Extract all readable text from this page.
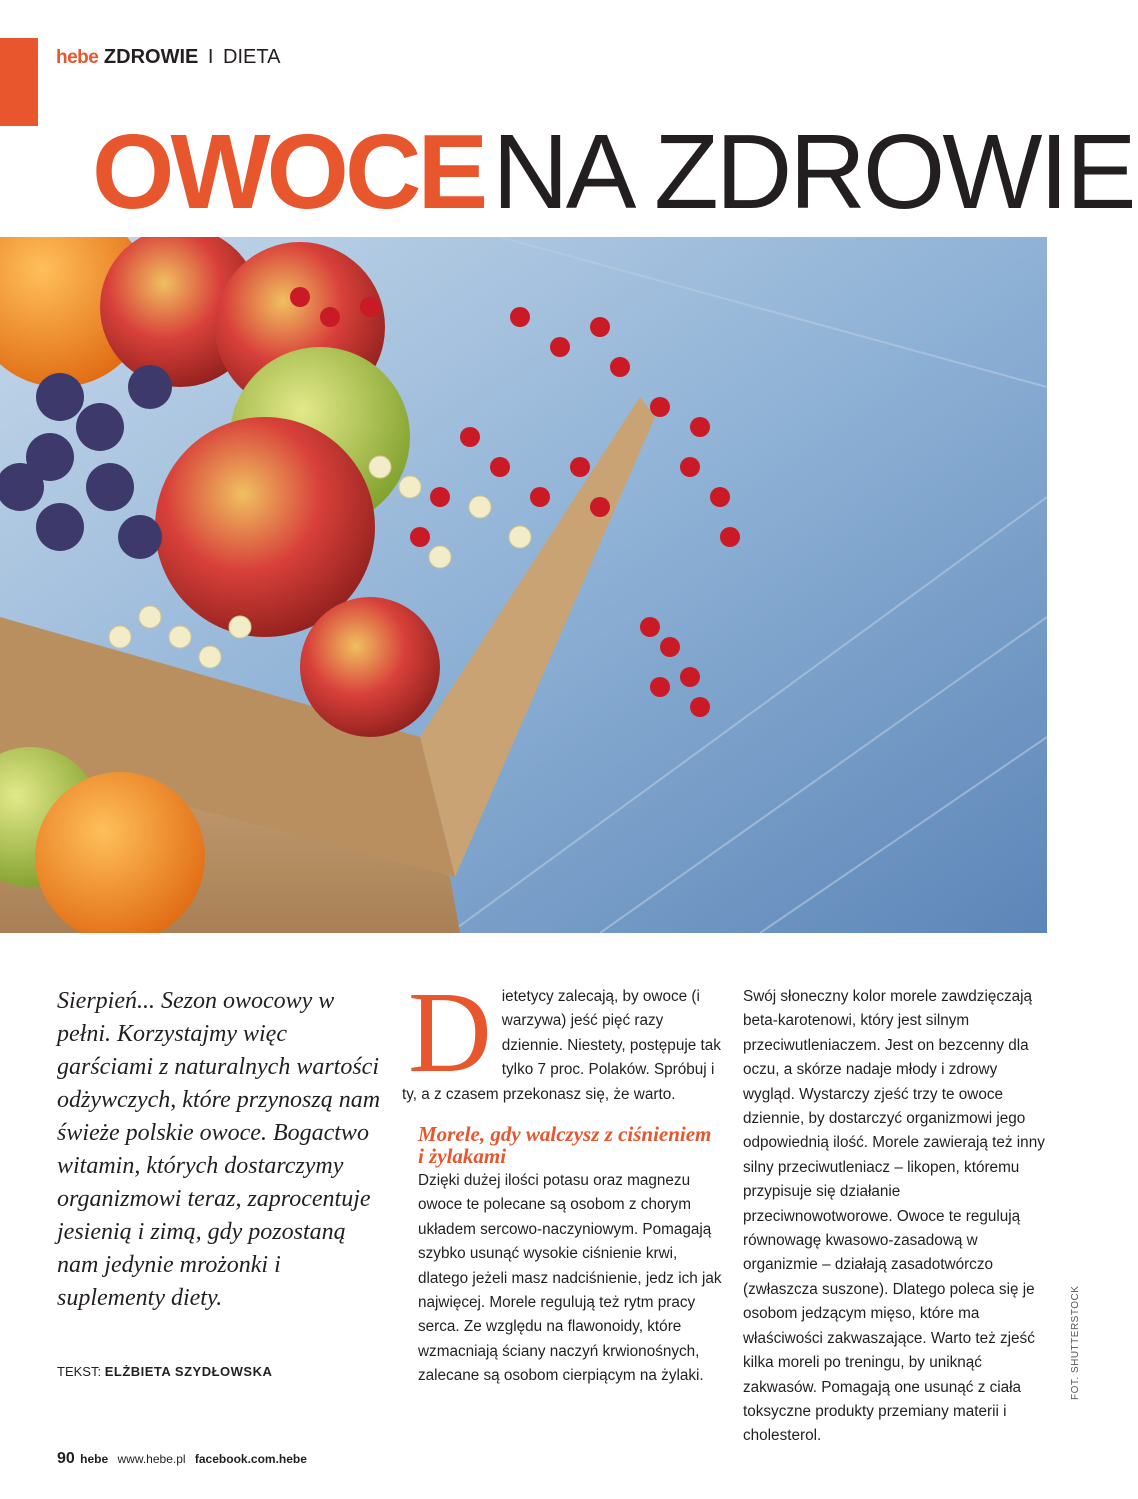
hebe ZDROWIE I DIETA
OWOCENA ZDROWIE
Sierpień... Sezon owocowy w pełni. Korzystajmy więc garściami z naturalnych wartości odżywczych, które przynoszą nam świeże polskie owoce. Bogactwo witamin, których dostarczymy organizmowi teraz, zaprocentuje jesienią i zimą, gdy pozostaną nam jedynie mrożonki i suplementy diety.
TEKST: ELŻBIETA SZYDŁOWSKA
D ietetycy zalecają, by owoce (i warzywa) jeść pięć razy dziennie. Niestety, postępuje tak tylko 7 proc. Polaków. Spróbuj i ty, a z czasem przekonasz się, że warto.

Morele, gdy walczysz z ciśnieniem i żylakami

Dzięki dużej ilości potasu oraz magnezu owoce te polecane są osobom z chorym układem sercowo-naczyniowym. Pomagają szybko usunąć wysokie ciśnienie krwi, dlatego jeżeli masz nadciśnienie, jedz ich jak najwięcej. Morele regulują też rytm pracy serca. Ze względu na flawonoidy, które wzmacniają ściany naczyń krwionośnych, zalecane są osobom cierpiącym na żylaki.

Swój słoneczny kolor morele zawdzięczają beta-karotenowi, który jest silnym przeciwutleniaczem. Jest on bezcenny dla oczu, a skórze nadaje młody i zdrowy wygląd. Wystarczy zjeść trzy te owoce dziennie, by dostarczyć organizmowi jego odpowiednią ilość. Morele zawierają też inny silny przeciwutleniacz – likopen, któremu przypisuje się działanie przeciwnowotworowe. Owoce te regulują równowagę kwasowo-zasadową w organizmie – działają zasadotwórczo (zwłaszcza suszone). Dlatego poleca się je osobom jedzącym mięso, które ma właściwości zakwaszające. Warto też zjeść kilka moreli po treningu, by uniknąć zakwasów. Pomagają one usunąć z ciała toksyczne produkty przemiany materii i cholesterol.

FOT. SHUTTERSTOCK
90 hebe www.hebe.pl facebook.com.hebe
